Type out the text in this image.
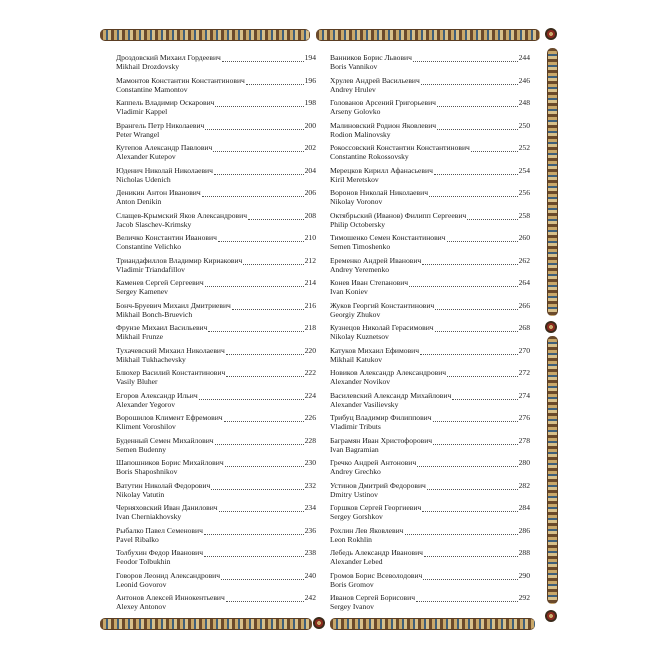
Дроздовский Михаил Гордеевич	194
Mikhail Drozdovsky
Мамонтов Константин Константинович	196
Constantine Mamontov
Каппель Владимир Оскарович	198
Vladimir Kappel
Врангель Петр Николаевич	200
Peter Wrangel
Кутепов Александр Павлович	202
Alexander Kutepov
Юденич Николай Николаевич	204
Nicholas Udenich
Деникин Антон Иванович	206
Anton Denikin
Слащев-Крымский Яков Александрович	208
Jacob Slaschev-Krimsky
Величко Константин Иванович	210
Constantine Velichko
Триандафиллов Владимир Кириакович	212
Vladimir Triandafillov
Каменев Сергей Сергеевич	214
Sergey Kamenev
Бонч-Бруевич Михаил Дмитриевич	216
Mikhail Bonch-Bruevich
Фрунзе Михаил Васильевич	218
Mikhail Frunze
Тухачевский Михаил Николаевич	220
Mikhail Tukhachevsky
Блюхер Василий Константинович	222
Vasily Bluher
Егоров Александр Ильич	224
Alexander Yegorov
Ворошилов Климент Ефремович	226
Kliment Voroshilov
Буденный Семен Михайлович	228
Semen Budenny
Шапошников Борис Михайлович	230
Boris Shaposhnikov
Ватутин Николай Федорович	232
Nikolay Vatutin
Черняховский Иван Данилович	234
Ivan Cherniakhovsky
Рыбалко Павел Семенович	236
Pavel Ribalko
Толбухин Федор Иванович	238
Feodor Tolbukhin
Говоров Леонид Александрович	240
Leonid Govorov
Антонов Алексей Иннокентьевич	242
Alexey Antonov
Ванников Борис Львович	244
Boris Vannikov
Хрулев Андрей Васильевич	246
Andrey Hrulev
Голованов Арсений Григорьевич	248
Arseny Golovko
Малиновский Родион Яковлевич	250
Rodion Malinovsky
Рокоссовский Константин Константинович	252
Constantine Rokossovsky
Мерецков Кирилл Афанасьевич	254
Kiril Meretskov
Воронов Николай Николаевич	256
Nikolay Voronov
Октябрьский (Иванов) Филипп Сергеевич	258
Philip Octobersky
Тимошенко Семен Константинович	260
Semen Timoshenko
Еременко Андрей Иванович	262
Andrey Yeremenko
Конев Иван Степанович	264
Ivan Koniev
Жуков Георгий Константинович	266
Georgiy Zhukov
Кузнецов Николай Герасимович	268
Nikolay Kuznetsov
Катуков Михаил Ефимович	270
Mikhail Katukov
Новиков Александр Александрович	272
Alexander Novikov
Василевский Александр Михайлович	274
Alexander Vasilievsky
Трибуц Владимир Филиппович	276
Vladimir Tributs
Баграмян Иван Христофорович	278
Ivan Bagramian
Гречко Андрей Антонович	280
Andrey Grechko
Устинов Дмитрий Федорович	282
Dmitry Ustinov
Горшков Сергей Георгиевич	284
Sergey Gorshkov
Рохлин Лев Яковлевич	286
Leon Rokhlin
Лебедь Александр Иванович	288
Alexander Lebed
Громов Борис Всеволодович	290
Boris Gromov
Иванов Сергей Борисович	292
Sergey Ivanov
